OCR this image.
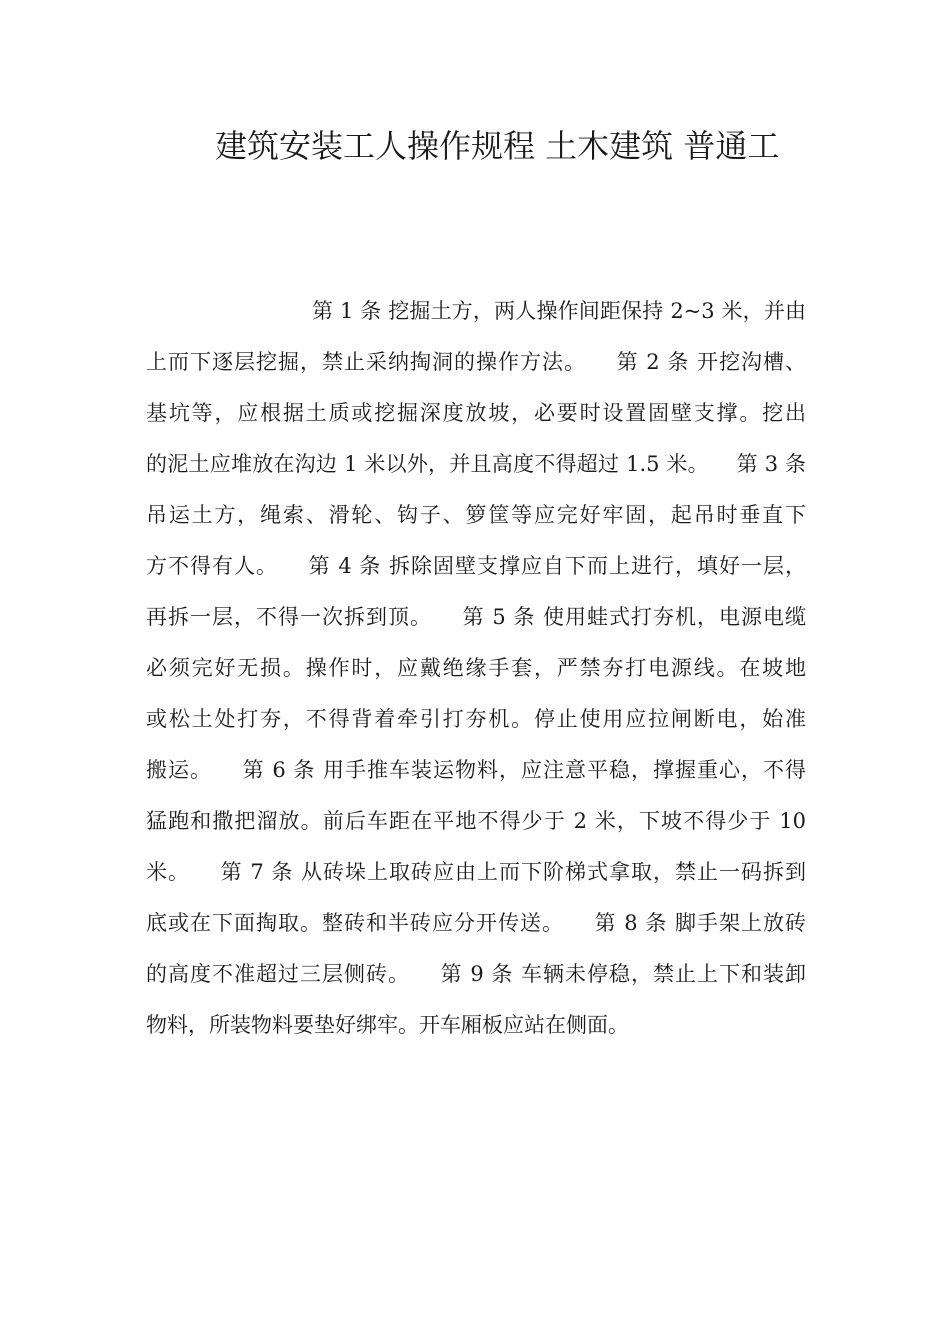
建筑安装工人操作规程 土木建筑 普通工
第 1 条 挖掘土方，两人操作间距保持 2~3 米，并由
上而下逐层挖掘，禁止采纳掏洞的操作方法。    第 2 条 开挖沟槽、
基坑等，应根据土质或挖掘深度放坡，必要时设置固壁支撑。挖出
的泥土应堆放在沟边 1 米以外，并且高度不得超过 1.5 米。    第 3 条
吊运土方，绳索、滑轮、钩子、箩筐等应完好牢固，起吊时垂直下
方不得有人。    第 4 条 拆除固壁支撑应自下而上进行，填好一层，
再拆一层，不得一次拆到顶。    第 5 条 使用蛙式打夯机，电源电缆
必须完好无损。操作时，应戴绝缘手套，严禁夯打电源线。在坡地
或松土处打夯，不得背着牵引打夯机。停止使用应拉闸断电，始准
搬运。    第 6 条 用手推车装运物料，应注意平稳，撑握重心，不得
猛跑和撒把溜放。前后车距在平地不得少于 2 米，下坡不得少于 10
米。    第 7 条 从砖垛上取砖应由上而下阶梯式拿取，禁止一码拆到
底或在下面掏取。整砖和半砖应分开传送。    第 8 条 脚手架上放砖
的高度不准超过三层侧砖。    第 9 条 车辆未停稳，禁止上下和装卸
物料，所装物料要垫好绑牢。开车厢板应站在侧面。
